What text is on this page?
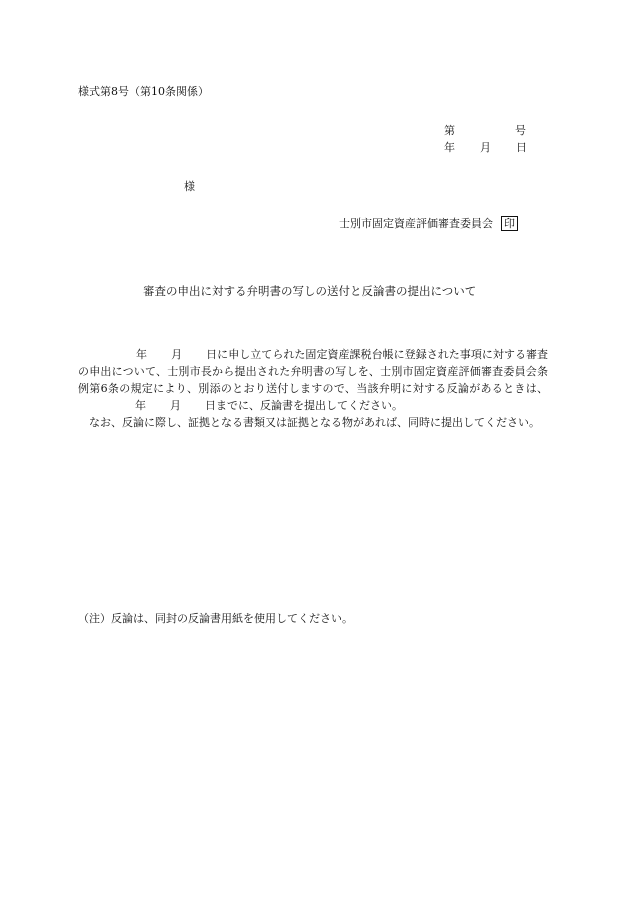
様式第8号（第10条関係）
第	号
年 月 日
様
士別市固定資産評価審査委員会 印
審査の申出に対する弁明書の写しの送付と反論書の提出について

年 月 日に申し立てられた固定資産課税台帳に登録された事項に対する審査の申出について、士別市長から提出された弁明書の写しを、士別市固定資産評価審査委員会条例第6条の規定により、別添のとおり送付しますので、当該弁明に対する反論があるときは、年 月 日までに、反論書を提出してください。

　なお、反論に際し、証拠となる書類又は証拠となる物があれば、同時に提出してください。

（注）反論は、同封の反論書用紙を使用してください。
